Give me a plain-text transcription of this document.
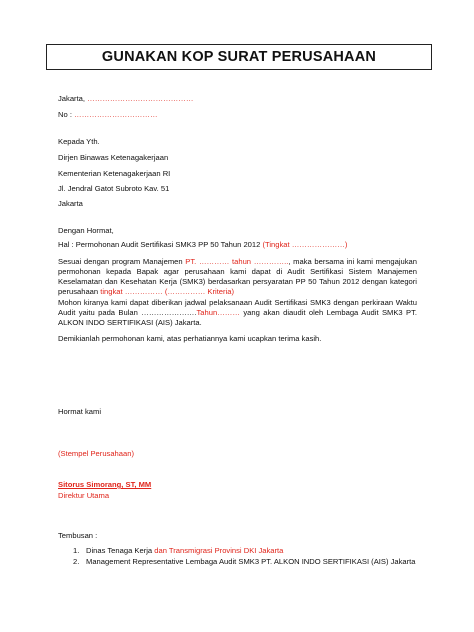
GUNAKAN KOP SURAT PERUSAHAAN
Jakarta, ……………………………………
No : ……………………………
Kepada Yth.
Dirjen Binawas Ketenagakerjaan
Kementerian Ketenagakerjaan RI
Jl. Jendral Gatot Subroto Kav. 51
Jakarta
Dengan Hormat,
Hal : Permohonan Audit Sertifikasi SMK3 PP 50 Tahun 2012 (Tingkat …………………)
Sesuai dengan program Manajemen PT. ………… tahun ………….., maka bersama ini kami mengajukan permohonan kepada Bapak agar perusahaan kami dapat di Audit Sertifikasi Sistem Manajemen Keselamatan dan Kesehatan Kerja (SMK3) berdasarkan persyaratan PP 50 Tahun 2012 dengan kategori perusahaan tingkat …………… (…………… Kriteria)
Mohon kiranya kami dapat diberikan jadwal pelaksanaan Audit Sertifikasi SMK3 dengan perkiraan Waktu Audit yaitu pada Bulan ………………….Tahun……… yang akan diaudit oleh Lembaga Audit SMK3 PT. ALKON INDO SERTIFIKASI (AIS) Jakarta.
Demikianlah permohonan kami, atas perhatiannya kami ucapkan terima kasih.
Hormat kami
(Stempel Perusahaan)
Sitorus Simorang, ST, MM
Direktur Utama
Tembusan :
1. Dinas Tenaga Kerja dan Transmigrasi Provinsi DKI Jakarta
2. Management Representative Lembaga Audit SMK3 PT. ALKON INDO SERTIFIKASI (AIS) Jakarta
